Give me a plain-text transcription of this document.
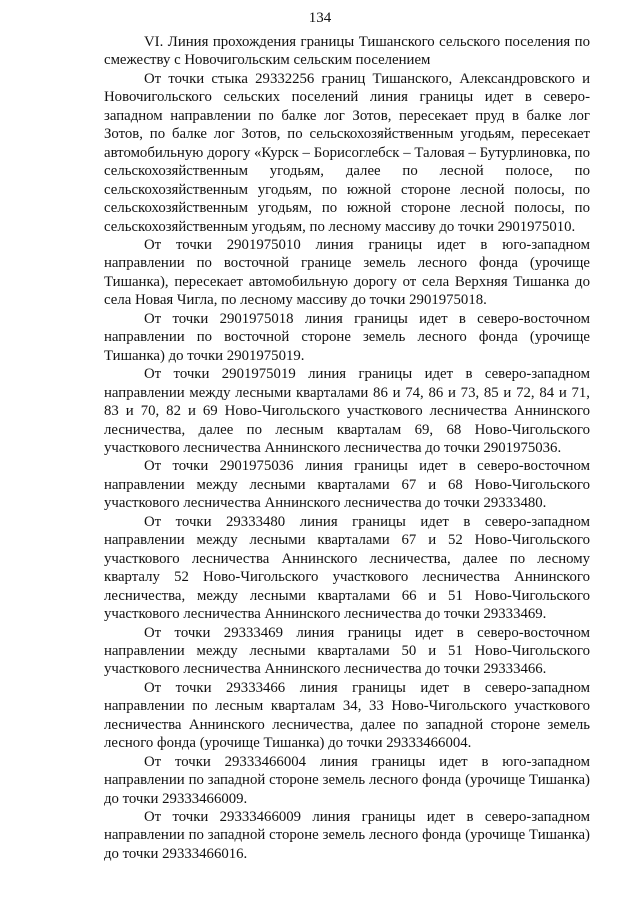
134

VI. Линия прохождения границы Тишанского сельского поселения по смежеству с Новочигольским сельским поселением

От точки стыка 29332256 границ Тишанского, Александровского и Новочигольского сельских поселений линия границы идет в северо-западном направлении по балке лог Зотов, пересекает пруд в балке лог Зотов, по балке лог Зотов, по сельскохозяйственным угодьям, пересекает автомобильную дорогу «Курск – Борисоглебск – Таловая – Бутурлиновка, по сельскохозяйственным угодьям, далее по лесной полосе, по сельскохозяйственным угодьям, по южной стороне лесной полосы, по сельскохозяйственным угодьям, по южной стороне лесной полосы, по сельскохозяйственным угодьям, по лесному массиву до точки 2901975010.

От точки 2901975010 линия границы идет в юго-западном направлении по восточной границе земель лесного фонда (урочище Тишанка), пересекает автомобильную дорогу от села Верхняя Тишанка до села Новая Чигла, по лесному массиву до точки 2901975018.

От точки 2901975018 линия границы идет в северо-восточном направлении по восточной стороне земель лесного фонда (урочище Тишанка) до точки 2901975019.

От точки 2901975019 линия границы идет в северо-западном направлении между лесными кварталами 86 и 74, 86 и 73, 85 и 72, 84 и 71, 83 и 70, 82 и 69 Ново-Чигольского участкового лесничества Аннинского лесничества, далее по лесным кварталам 69, 68 Ново-Чигольского участкового лесничества Аннинского лесничества до точки 2901975036.

От точки 2901975036 линия границы идет в северо-восточном направлении между лесными кварталами 67 и 68 Ново-Чигольского участкового лесничества Аннинского лесничества до точки 29333480.

От точки 29333480 линия границы идет в северо-западном направлении между лесными кварталами 67 и 52 Ново-Чигольского участкового лесничества Аннинского лесничества, далее по лесному кварталу 52 Ново-Чигольского участкового лесничества Аннинского лесничества, между лесными кварталами 66 и 51 Ново-Чигольского участкового лесничества Аннинского лесничества до точки 29333469.

От точки 29333469 линия границы идет в северо-восточном направлении между лесными кварталами 50 и 51 Ново-Чигольского участкового лесничества Аннинского лесничества до точки 29333466.

От точки 29333466 линия границы идет в северо-западном направлении по лесным кварталам 34, 33 Ново-Чигольского участкового лесничества Аннинского лесничества, далее по западной стороне земель лесного фонда (урочище Тишанка) до точки 29333466004.

От точки 29333466004 линия границы идет в юго-западном направлении по западной стороне земель лесного фонда (урочище Тишанка) до точки 29333466009.

От точки 29333466009 линия границы идет в северо-западном направлении по западной стороне земель лесного фонда (урочище Тишанка) до точки 29333466016.
